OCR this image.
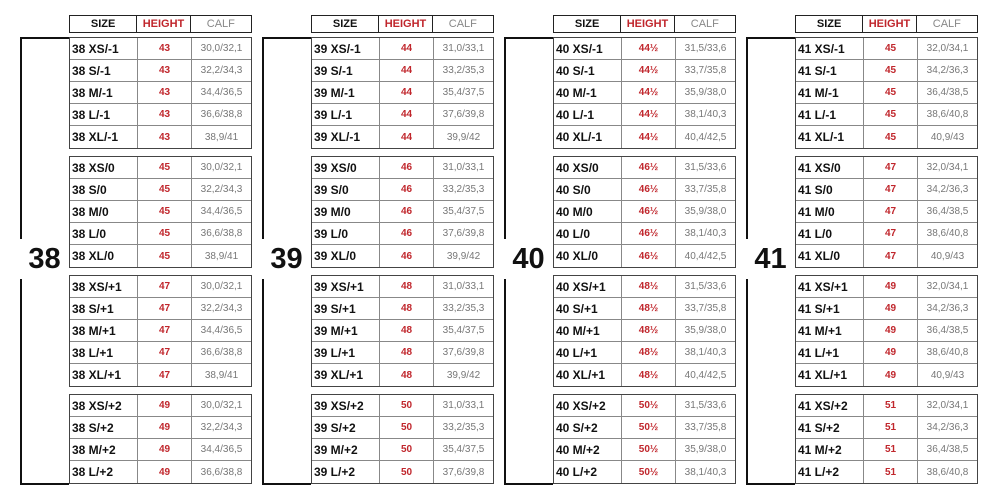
SIZE	HEIGHT	CALF
38
38 XS/-1	43	30,0/32,1
38 S/-1	43	32,2/34,3
38 M/-1	43	34,4/36,5
38 L/-1	43	36,6/38,8
38 XL/-1	43	38,9/41
38 XS/0	45	30,0/32,1
38 S/0	45	32,2/34,3
38 M/0	45	34,4/36,5
38 L/0	45	36,6/38,8
38 XL/0	45	38,9/41
38 XS/+1	47	30,0/32,1
38 S/+1	47	32,2/34,3
38 M/+1	47	34,4/36,5
38 L/+1	47	36,6/38,8
38 XL/+1	47	38,9/41
38 XS/+2	49	30,0/32,1
38 S/+2	49	32,2/34,3
38 M/+2	49	34,4/36,5
38 L/+2	49	36,6/38,8
SIZE	HEIGHT	CALF
39
39 XS/-1	44	31,0/33,1
39 S/-1	44	33,2/35,3
39 M/-1	44	35,4/37,5
39 L/-1	44	37,6/39,8
39 XL/-1	44	39,9/42
39 XS/0	46	31,0/33,1
39 S/0	46	33,2/35,3
39 M/0	46	35,4/37,5
39 L/0	46	37,6/39,8
39 XL/0	46	39,9/42
39 XS/+1	48	31,0/33,1
39 S/+1	48	33,2/35,3
39 M/+1	48	35,4/37,5
39 L/+1	48	37,6/39,8
39 XL/+1	48	39,9/42
39 XS/+2	50	31,0/33,1
39 S/+2	50	33,2/35,3
39 M/+2	50	35,4/37,5
39 L/+2	50	37,6/39,8
SIZE	HEIGHT	CALF
40
40 XS/-1	44½	31,5/33,6
40 S/-1	44½	33,7/35,8
40 M/-1	44½	35,9/38,0
40 L/-1	44½	38,1/40,3
40 XL/-1	44½	40,4/42,5
40 XS/0	46½	31,5/33,6
40 S/0	46½	33,7/35,8
40 M/0	46½	35,9/38,0
40 L/0	46½	38,1/40,3
40 XL/0	46½	40,4/42,5
40 XS/+1	48½	31,5/33,6
40 S/+1	48½	33,7/35,8
40 M/+1	48½	35,9/38,0
40 L/+1	48½	38,1/40,3
40 XL/+1	48½	40,4/42,5
40 XS/+2	50½	31,5/33,6
40 S/+2	50½	33,7/35,8
40 M/+2	50½	35,9/38,0
40 L/+2	50½	38,1/40,3
SIZE	HEIGHT	CALF
41
41 XS/-1	45	32,0/34,1
41 S/-1	45	34,2/36,3
41 M/-1	45	36,4/38,5
41 L/-1	45	38,6/40,8
41 XL/-1	45	40,9/43
41 XS/0	47	32,0/34,1
41 S/0	47	34,2/36,3
41 M/0	47	36,4/38,5
41 L/0	47	38,6/40,8
41 XL/0	47	40,9/43
41 XS/+1	49	32,0/34,1
41 S/+1	49	34,2/36,3
41 M/+1	49	36,4/38,5
41 L/+1	49	38,6/40,8
41 XL/+1	49	40,9/43
41 XS/+2	51	32,0/34,1
41 S/+2	51	34,2/36,3
41 M/+2	51	36,4/38,5
41 L/+2	51	38,6/40,8
